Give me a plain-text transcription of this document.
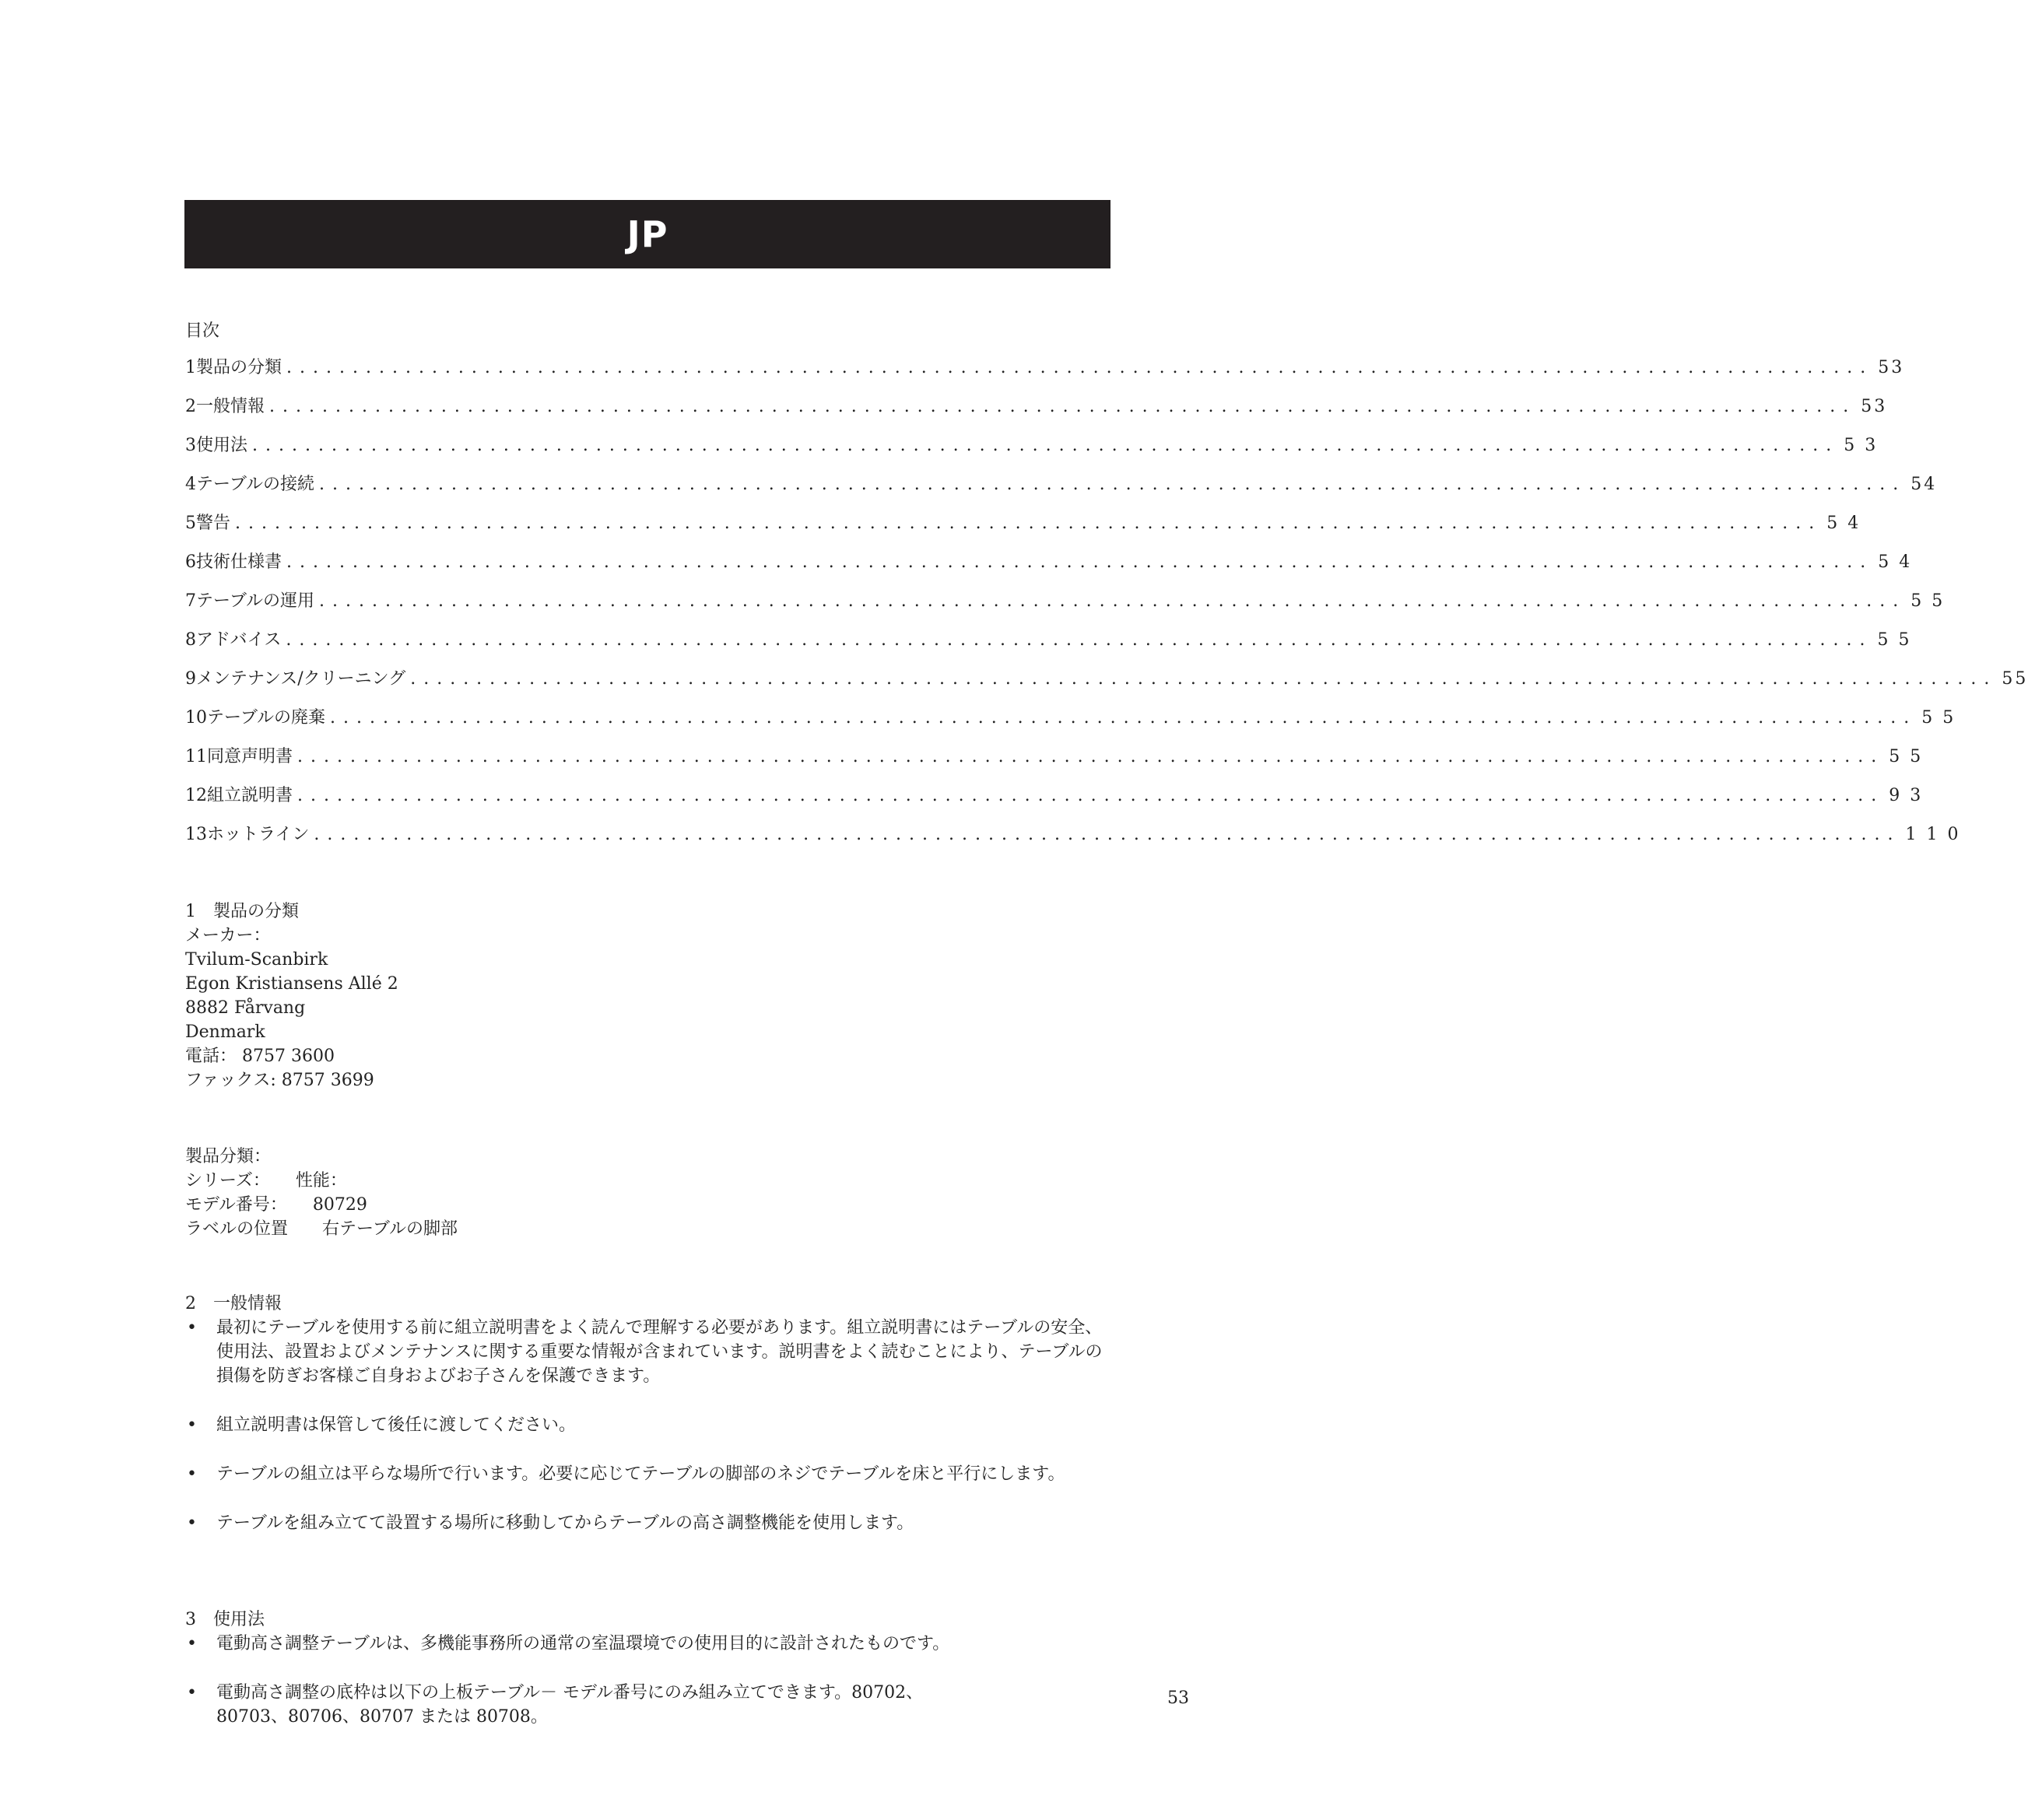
JP
目次
1 製品の分類 ........................................................................................................................ 53
2 一般情報 ........................................................................................................................ 53
3 使用法 ........................................................................................................................ 5 3
4 テーブルの接続 ........................................................................................................................ 54
5 警告 ........................................................................................................................ 5 4
6 技術仕様書 ........................................................................................................................ 5 4
7 テーブルの運用 ........................................................................................................................ 5 5
8 アドバイス ........................................................................................................................ 5 5
9 メンテナンス/クリーニング ........................................................................................................................ 55
10 テーブルの廃棄 ........................................................................................................................ 5 5
11 同意声明書 ........................................................................................................................ 5 5
12 組立説明書 ........................................................................................................................ 9 3
13 ホットライン ........................................................................................................................ 1 1 0
1　製品の分類
メーカー：
Tvilum-Scanbirk
Egon Kristiansens Allé 2
8882 Fårvang
Denmark
電話： 8757 3600
ファックス: 8757 3699
製品分類：
シリーズ：　　性能：
モデル番号：　　80729
ラベルの位置　　右テーブルの脚部
2　一般情報
•	最初にテーブルを使用する前に組立説明書をよく読んで理解する必要があります。組立説明書にはテーブルの安全、使用法、設置およびメンテナンスに関する重要な情報が含まれています。説明書をよく読むことにより、テーブルの損傷を防ぎお客様ご自身およびお子さんを保護できます。
•	組立説明書は保管して後任に渡してください。
•	テーブルの組立は平らな場所で行います。必要に応じてテーブルの脚部のネジでテーブルを床と平行にします。
•	テーブルを組み立てて設置する場所に移動してからテーブルの高さ調整機能を使用します。
3　使用法
•	電動高さ調整テーブルは、多機能事務所の通常の室温環境での使用目的に設計されたものです。
•	電動高さ調整の底枠は以下の上板テーブル－ モデル番号にのみ組み立てできます。80702、80703、80706、80707 または 80708。
53
